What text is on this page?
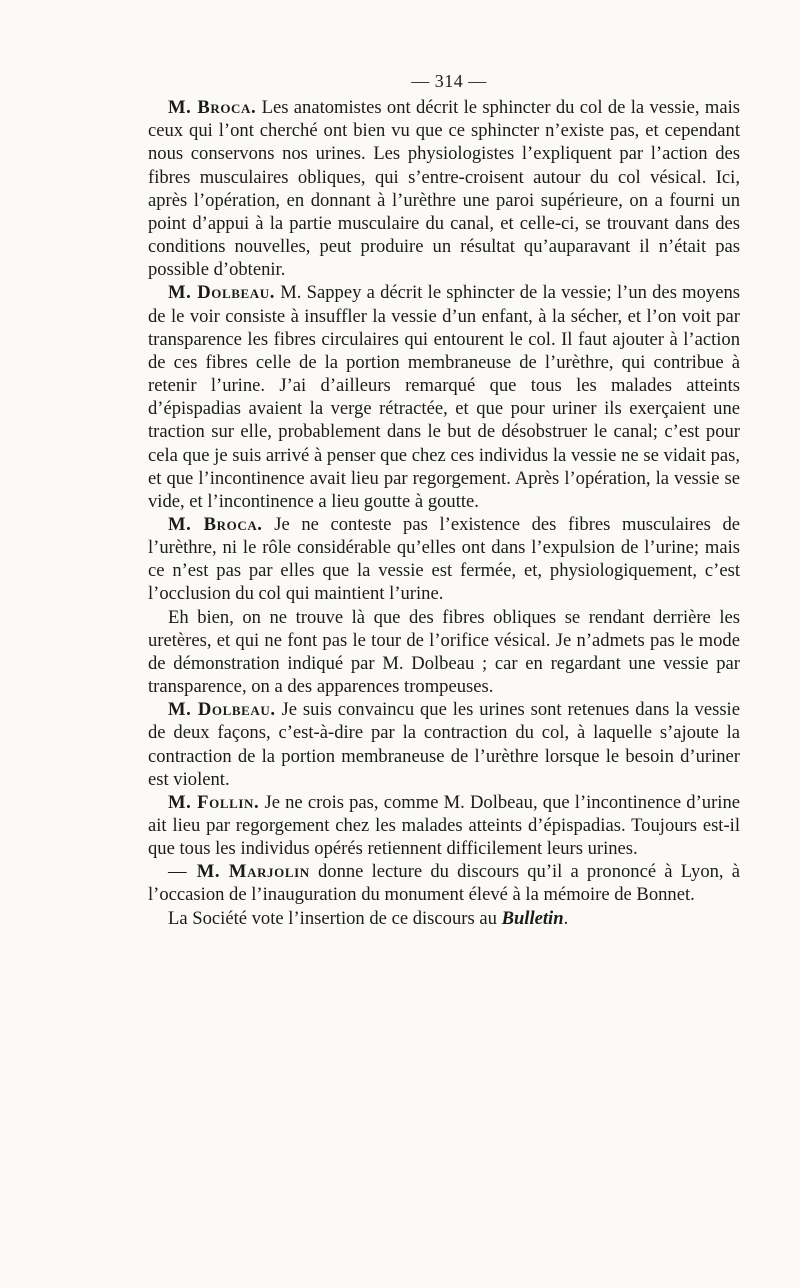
— 314 —

M. Broca. Les anatomistes ont décrit le sphincter du col de la vessie, mais ceux qui l’ont cherché ont bien vu que ce sphincter n’existe pas, et cependant nous conservons nos urines. Les physiologistes l’expliquent par l’action des fibres musculaires obliques, qui s’entre-croisent autour du col vésical. Ici, après l’opération, en donnant à l’urèthre une paroi supérieure, on a fourni un point d’appui à la partie musculaire du canal, et celle-ci, se trouvant dans des conditions nouvelles, peut produire un résultat qu’auparavant il n’était pas possible d’obtenir.

M. Dolbeau. M. Sappey a décrit le sphincter de la vessie; l’un des moyens de le voir consiste à insuffler la vessie d’un enfant, à la sécher, et l’on voit par transparence les fibres circulaires qui entourent le col. Il faut ajouter à l’action de ces fibres celle de la portion membraneuse de l’urèthre, qui contribue à retenir l’urine. J’ai d’ailleurs remarqué que tous les malades atteints d’épispadias avaient la verge rétractée, et que pour uriner ils exerçaient une traction sur elle, probablement dans le but de désobstruer le canal; c’est pour cela que je suis arrivé à penser que chez ces individus la vessie ne se vidait pas, et que l’incontinence avait lieu par regorgement. Après l’opération, la vessie se vide, et l’incontinence a lieu goutte à goutte.

M. Broca. Je ne conteste pas l’existence des fibres musculaires de l’urèthre, ni le rôle considérable qu’elles ont dans l’expulsion de l’urine; mais ce n’est pas par elles que la vessie est fermée, et, physiologiquement, c’est l’occlusion du col qui maintient l’urine.

Eh bien, on ne trouve là que des fibres obliques se rendant derrière les uretères, et qui ne font pas le tour de l’orifice vésical. Je n’admets pas le mode de démonstration indiqué par M. Dolbeau ; car en regardant une vessie par transparence, on a des apparences trompeuses.

M. Dolbeau. Je suis convaincu que les urines sont retenues dans la vessie de deux façons, c’est-à-dire par la contraction du col, à laquelle s’ajoute la contraction de la portion membraneuse de l’urèthre lorsque le besoin d’uriner est violent.

M. Follin. Je ne crois pas, comme M. Dolbeau, que l’incontinence d’urine ait lieu par regorgement chez les malades atteints d’épispadias. Toujours est-il que tous les individus opérés retiennent difficilement leurs urines.

— M. Marjolin donne lecture du discours qu’il a prononcé à Lyon, à l’occasion de l’inauguration du monument élevé à la mémoire de Bonnet.

La Société vote l’insertion de ce discours au Bulletin.
